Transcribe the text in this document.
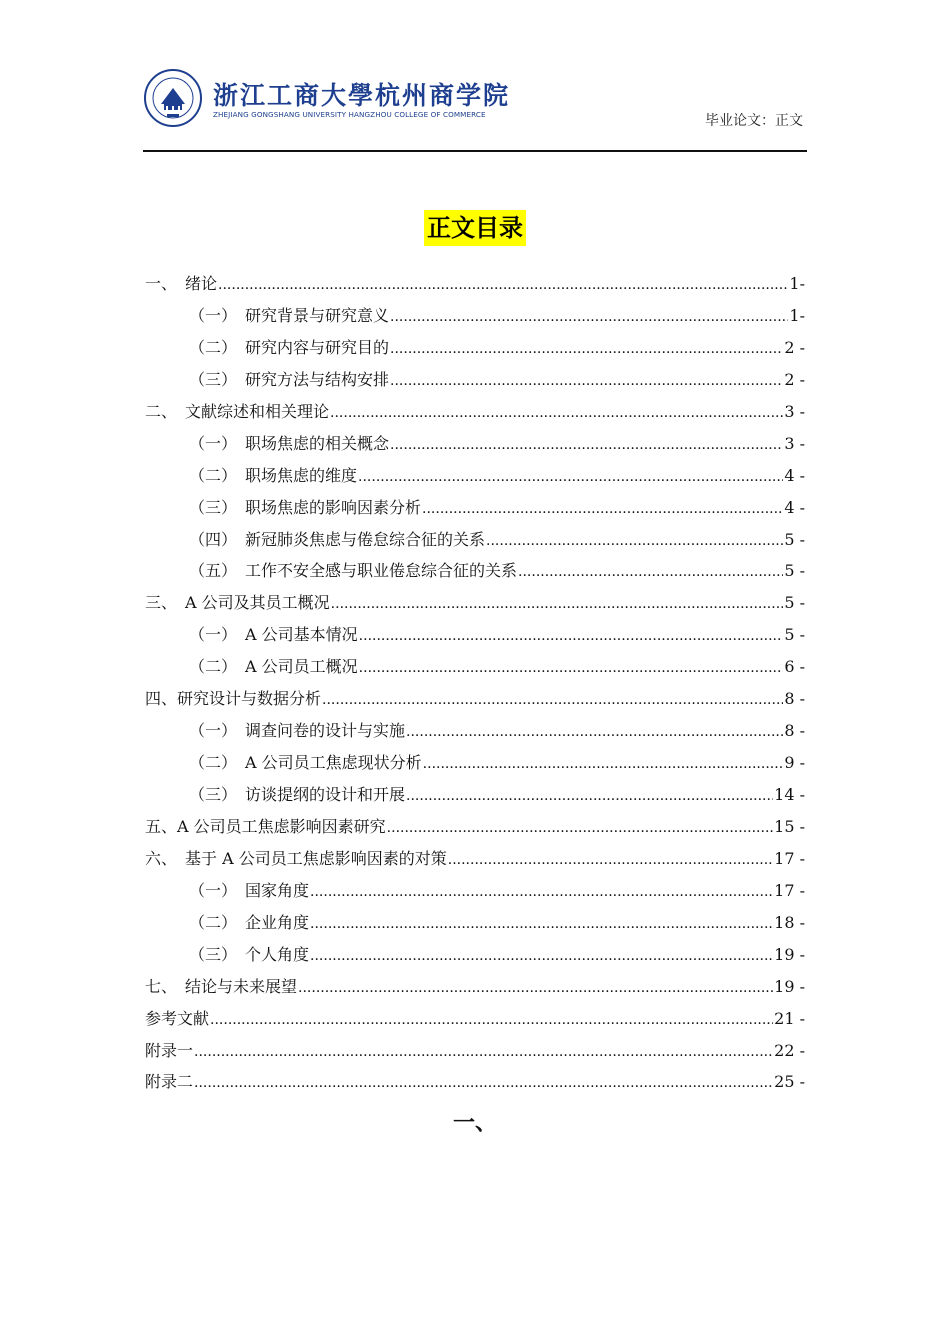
浙江工商大學杭州商学院
ZHEJIANG GONGSHANG UNIVERSITY HANGZHOU COLLEGE OF COMMERCE	毕业论文：正文
正文目录
一、　 绪论 .....	1-
（一）　 研究背景与研究意义 .....	1-
（二）　 研究内容与研究目的 .....	2 -
（三）　 研究方法与结构安排 .....	2 -
二、　 文献综述和相关理论 .....	3 -
（一）　 职场焦虑的相关概念 .....	3 -
（二）　 职场焦虑的维度 .....	4 -
（三）　 职场焦虑的影响因素分析 .....	4 -
（四）　 新冠肺炎焦虑与倦怠综合征的关系 .....	5 -
（五）　 工作不安全感与职业倦怠综合征的关系 .....	5 -
三、　 A 公司及其员工概况 .....	5 -
（一）　 A 公司基本情况 .....	5 -
（二）　 A 公司员工概况 .....	6 -
四、 研究设计与数据分析 .....	8 -
（一）　 调查问卷的设计与实施 .....	8 -
（二）　 A 公司员工焦虑现状分析 .....	9 -
（三）　 访谈提纲的设计和开展 .....	14 -
五、 A 公司员工焦虑影响因素研究 .....	15 -
六、　 基于 A 公司员工焦虑影响因素的对策 .....	17 -
（一）　 国家角度 .....	17 -
（二）　 企业角度 .....	18 -
（三）　 个人角度 .....	19 -
七、　 结论与未来展望 .....	19 -
参考文献 .....	21 -
附录一 .....	22 -
附录二 .....	25 -
一、
